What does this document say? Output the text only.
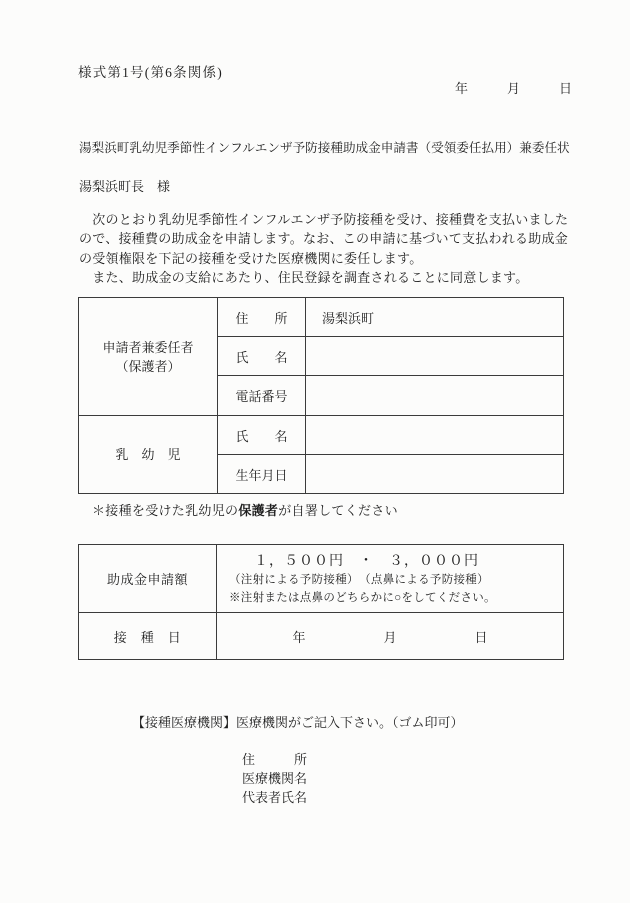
様式第1号(第6条関係)
年　　　月　　　日
湯梨浜町乳幼児季節性インフルエンザ予防接種助成金申請書（受領委任払用）兼委任状
湯梨浜町長　様
　次のとおり乳幼児季節性インフルエンザ予防接種を受け、接種費を支払いました
ので、接種費の助成金を申請します。なお、この申請に基づいて支払われる助成金
の受領権限を下記の接種を受けた医療機関に委任します。
　また、助成金の支給にあたり、住民登録を調査されることに同意します。
申請者兼委任者
（保護者）	住　　所	湯梨浜町
	氏　　名	
	電話番号	
乳　幼　児	氏　　名	
	生年月日	
＊接種を受けた乳幼児の保護者が自署してください
助成金申請額	１，５００円　・　３，０００円
（注射による予防接種）　（点鼻による予防接種）
※注射または点鼻のどちらかに○をしてください。

接　種　日	年　　　　　　月　　　　　　日
【接種医療機関】医療機関がご記入下さい。（ゴム印可）
住　　　所
医療機関名
代表者氏名
